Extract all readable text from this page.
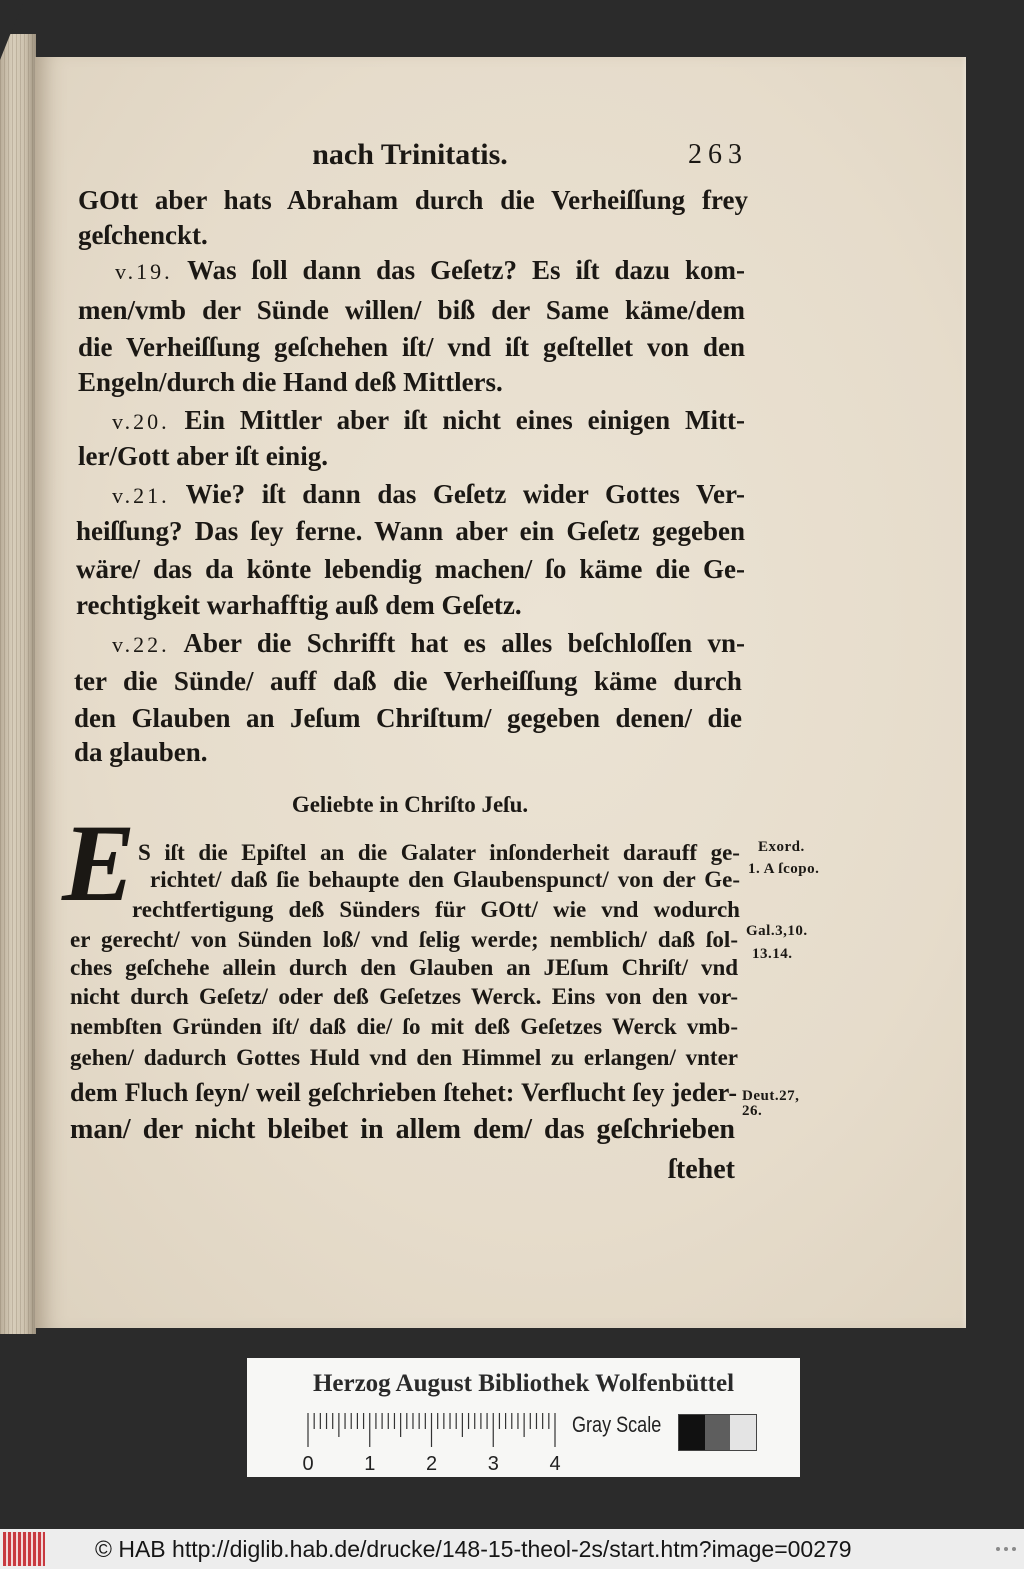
nach Trinitatis.	263
GOtt aber hats Abraham durch die Verheiſſung frey
geſchenckt.
v.19. Was ſoll dann das Geſetz? Es iſt dazu kom-
men/vmb der Sünde willen/ biß der Same käme/dem
die Verheiſſung geſchehen iſt/ vnd iſt geſtellet von den
Engeln/durch die Hand deß Mittlers.
v.20. Ein Mittler aber iſt nicht eines einigen Mitt-
ler/Gott aber iſt einig.
v.21. Wie? iſt dann das Geſetz wider Gottes Ver-
heiſſung? Das ſey ferne. Wann aber ein Geſetz gegeben
wäre/ das da könte lebendig machen/ ſo käme die Ge-
rechtigkeit warhafftig auß dem Geſetz.
v.22. Aber die Schrifft hat es alles beſchloſſen vn-
ter die Sünde/ auff daß die Verheiſſung käme durch
den Glauben an Jeſum Chriſtum/ gegeben denen/ die
da glauben.
Geliebte in Chriſto Jeſu.
E S iſt die Epiſtel an die Galater inſonderheit darauff ge-
richtet/ daß ſie behaupte den Glaubenspunct/ von der Ge-
rechtfertigung deß Sünders für GOtt/ wie vnd wodurch
er gerecht/ von Sünden loß/ vnd ſelig werde; nemblich/ daß ſol-
ches geſchehe allein durch den Glauben an JEſum Chriſt/ vnd
nicht durch Geſetz/ oder deß Geſetzes Werck. Eins von den vor-
nembſten Gründen iſt/ daß die/ ſo mit deß Geſetzes Werck vmb-
gehen/ dadurch Gottes Huld vnd den Himmel zu erlangen/ vnter
dem Fluch ſeyn/ weil geſchrieben ſtehet: Verflucht ſey jeder-
man/ der nicht bleibet in allem dem/ das geſchrieben
ſtehet
Exord.
1. A ſcopo.
Gal.3,10.
13.14.
Deut.27,
26.
Herzog August Bibliothek Wolfenbüttel
0	1	2	3	4
Gray Scale
© HAB http://diglib.hab.de/drucke/148-15-theol-2s/start.htm?image=00279
